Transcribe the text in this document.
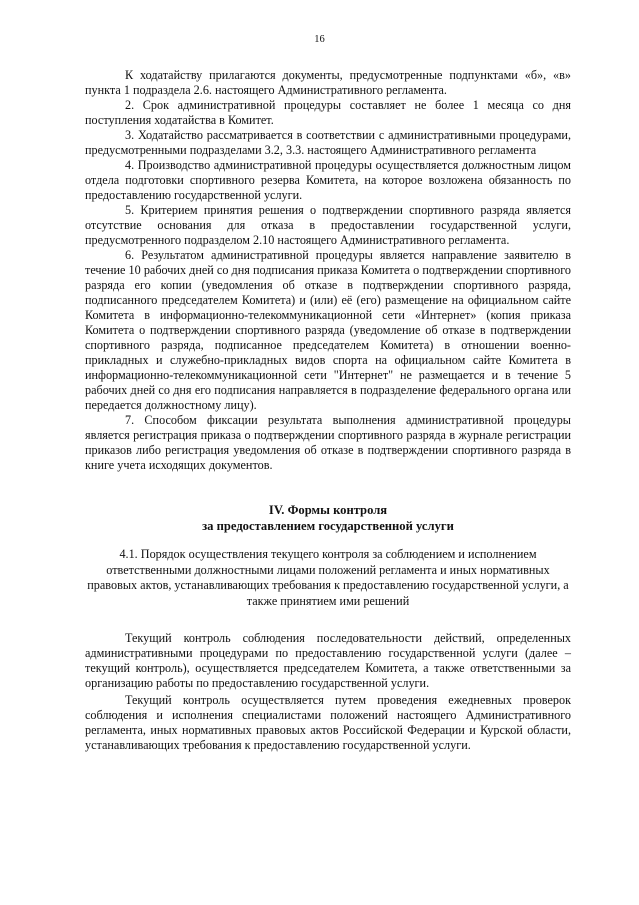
16

К ходатайству прилагаются документы, предусмотренные подпунктами «б», «в» пункта 1 подраздела 2.6. настоящего Административного регламента.

2. Срок административной процедуры составляет не более 1 месяца со дня поступления ходатайства в Комитет.

3. Ходатайство рассматривается в соответствии с административными процедурами, предусмотренными подразделами 3.2, 3.3. настоящего Административного регламента

4. Производство административной процедуры осуществляется должностным лицом отдела подготовки спортивного резерва Комитета, на которое возложена обязанность по предоставлению государственной услуги.

5. Критерием принятия решения о подтверждении спортивного разряда является отсутствие основания для отказа в предоставлении государственной услуги, предусмотренного подразделом 2.10 настоящего Административного регламента.

6. Результатом административной процедуры является направление заявителю в течение 10 рабочих дней со дня подписания приказа Комитета о подтверждении спортивного разряда его копии (уведомления об отказе в подтверждении спортивного разряда, подписанного председателем Комитета) и (или) её (его) размещение на официальном сайте Комитета в информационно-телекоммуникационной сети «Интернет» (копия приказа Комитета о подтверждении спортивного разряда (уведомление об отказе в подтверждении спортивного разряда, подписанное председателем Комитета) в отношении военно-прикладных и служебно-прикладных видов спорта на официальном сайте Комитета в информационно-телекоммуникационной сети "Интернет" не размещается и в течение 5 рабочих дней со дня его подписания направляется в подразделение федерального органа или передается должностному лицу).

7. Способом фиксации результата выполнения административной процедуры является регистрация приказа о подтверждении спортивного разряда в журнале регистрации приказов либо регистрация уведомления об отказе в подтверждении спортивного разряда в книге учета исходящих документов.

IV. Формы контроля
за предоставлением государственной услуги
4.1. Порядок осуществления текущего контроля за соблюдением и исполнением ответственными должностными лицами положений регламента и иных нормативных правовых актов, устанавливающих требования к предоставлению государственной услуги, а также принятием ими решений

Текущий контроль соблюдения последовательности действий, определенных административными процедурами по предоставлению государственной услуги (далее – текущий контроль), осуществляется председателем Комитета, а также ответственными за организацию работы по предоставлению государственной услуги.

Текущий контроль осуществляется путем проведения ежедневных проверок соблюдения и исполнения специалистами положений настоящего Административного регламента, иных нормативных правовых актов Российской Федерации и Курской области, устанавливающих требования к предоставлению государственной услуги.
